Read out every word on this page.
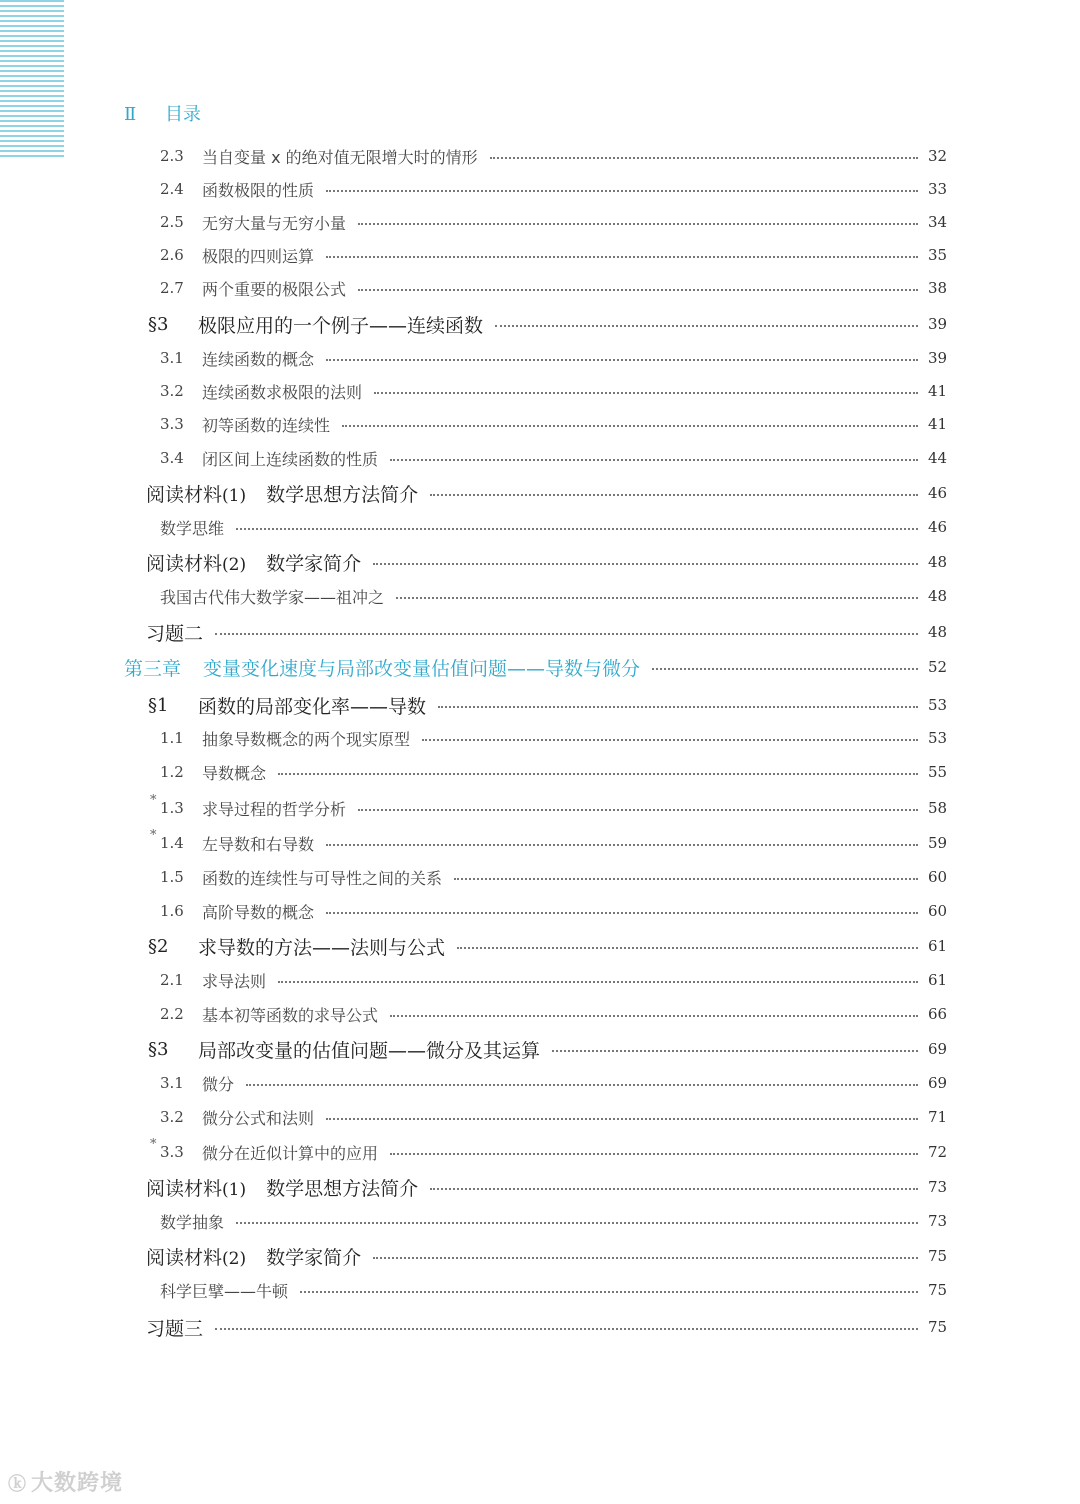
Ⅱ 目录
2.3	当自变量 x 的绝对值无限增大时的情形	32
2.4	函数极限的性质	33
2.5	无穷大量与无穷小量	34
2.6	极限的四则运算	35
2.7	两个重要的极限公式	38
§3	极限应用的一个例子——连续函数	39
3.1	连续函数的概念	39
3.2	连续函数求极限的法则	41
3.3	初等函数的连续性	41
3.4	闭区间上连续函数的性质	44
阅读材料(1) 数学思想方法简介	46
数学思维	46
阅读材料(2) 数学家简介	48
我国古代伟大数学家——祖冲之	48
习题二	48
第三章 变量变化速度与局部改变量估值问题——导数与微分	52
§1	函数的局部变化率——导数	53
1.1	抽象导数概念的两个现实原型	53
1.2	导数概念	55
* 1.3	求导过程的哲学分析	58
* 1.4	左导数和右导数	59
1.5	函数的连续性与可导性之间的关系	60
1.6	高阶导数的概念	60
§2	求导数的方法——法则与公式	61
2.1	求导法则	61
2.2	基本初等函数的求导公式	66
§3	局部改变量的估值问题——微分及其运算	69
3.1	微分	69
3.2	微分公式和法则	71
* 3.3	微分在近似计算中的应用	72
阅读材料(1) 数学思想方法简介	73
数学抽象	73
阅读材料(2) 数学家简介	75
科学巨擘——牛顿	75
习题三	75
ⓚ 大数跨境
